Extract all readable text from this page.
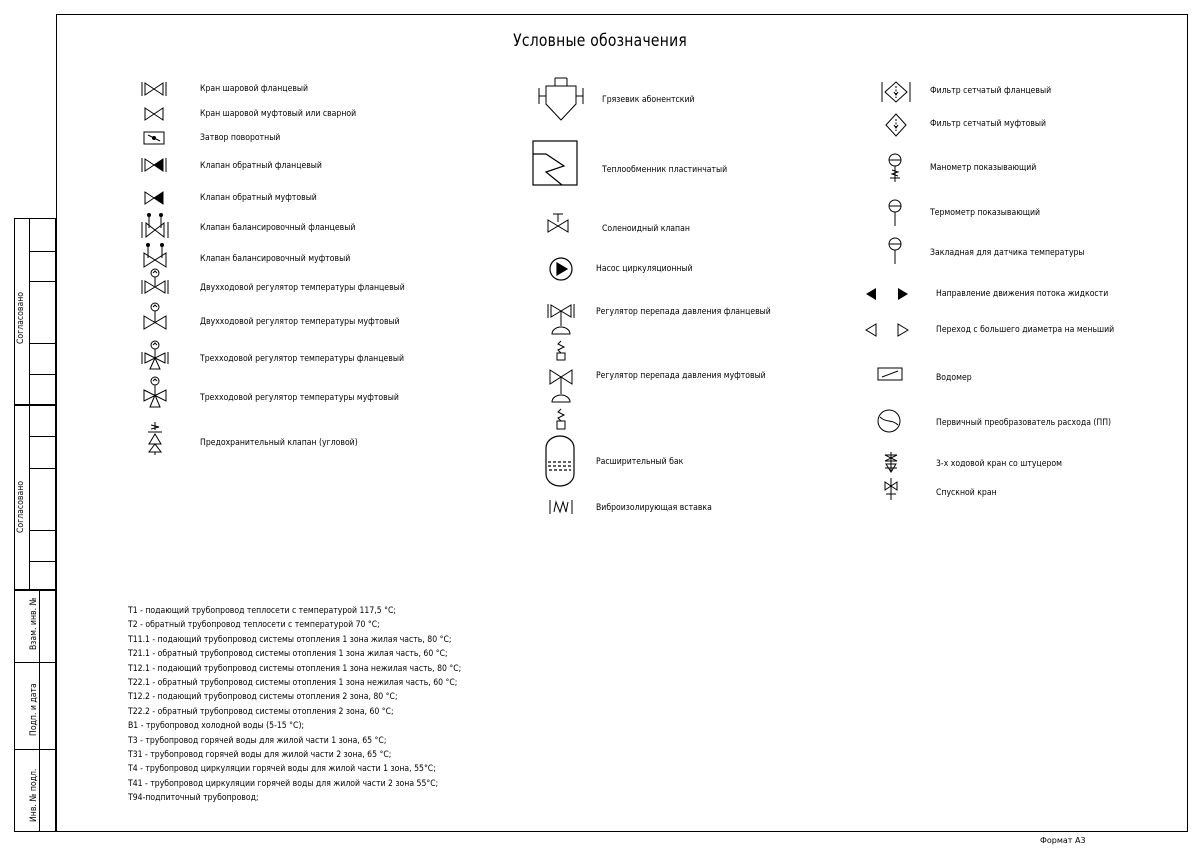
Согласовано
Согласовано
Взам. инв. №
Подп. и дата
Инв. № подл.
Условные обозначения
Кран шаровой фланцевый
Кран шаровой муфтовый или сварной
Затвор поворотный
Клапан обратный фланцевый
Клапан обратный муфтовый
Клапан балансировочный фланцевый
Клапан балансировочный муфтовый
Двухходовой регулятор температуры фланцевый
Двухходовой регулятор температуры муфтовый
Трехходовой регулятор температуры фланцевый
Трехходовой регулятор температуры муфтовый
Предохранительный клапан (угловой)
Грязевик абонентский
Теплообменник пластинчатый
Соленоидный клапан
Насос циркуляционный
Регулятор перепада давления фланцевый
Регулятор перепада давления муфтовый
Расширительный бак
Виброизолирующая вставка
Фильтр сетчатый фланцевый
Фильтр сетчатый муфтовый
Манометр показывающий
Термометр показывающий
Закладная для датчика температуры
Направление движения потока жидкости
Переход с большего диаметра на меньший
Водомер
Первичный преобразователь расхода (ПП)
3-х ходовой кран со штуцером
Спускной кран
Т1 - подающий трубопровод теплосети с температурой 117,5 °С;
Т2 - обратный трубопровод теплосети с температурой 70 °С;
Т11.1 - подающий трубопровод системы отопления 1 зона жилая часть, 80 °С;
Т21.1 - обратный трубопровод системы отопления 1 зона жилая часть, 60 °С;
Т12.1 - подающий трубопровод системы отопления 1 зона нежилая часть, 80 °С;
Т22.1 - обратный трубопровод системы отопления 1 зона нежилая часть, 60 °С;
Т12.2 - подающий трубопровод системы отопления 2 зона, 80 °С;
Т22.2 - обратный трубопровод системы отопления 2 зона, 60 °С;
В1 - трубопровод холодной воды (5-15 °С);
Т3 - трубопровод горячей воды для жилой части 1 зона, 65 °С;
Т31 - трубопровод горячей воды для жилой части 2 зона, 65 °С;
Т4 - трубопровод циркуляции горячей воды для жилой части 1 зона, 55°С;
Т41 - трубопровод циркуляции горячей воды для жилой части 2 зона 55°С;
Т94-подпиточный трубопровод;
Формат А3
